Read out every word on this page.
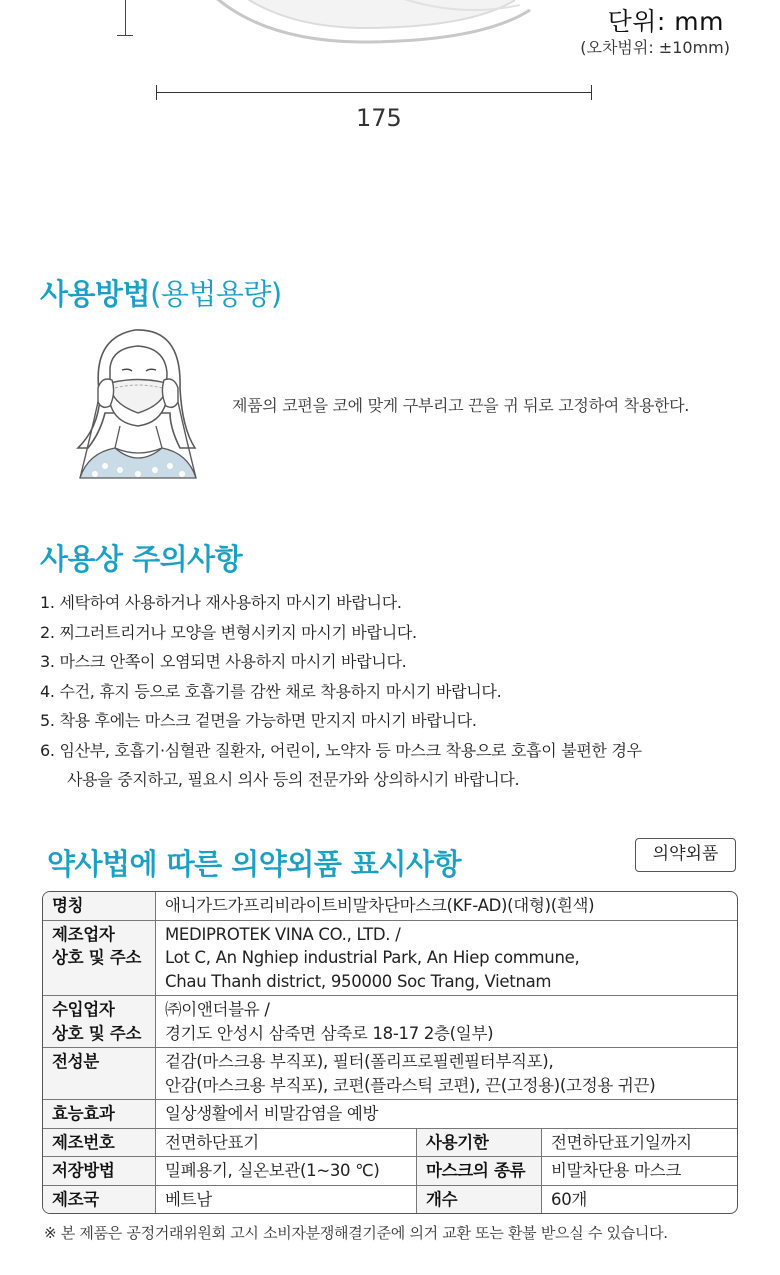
단위: mm
(오차범위: ±10mm)
175
사용방법(용법용량)
제품의 코편을 코에 맞게 구부리고 끈을 귀 뒤로 고정하여 착용한다.
사용상 주의사항
1. 세탁하여 사용하거나 재사용하지 마시기 바랍니다.
2. 찌그러트리거나 모양을 변형시키지 마시기 바랍니다.
3. 마스크 안쪽이 오염되면 사용하지 마시기 바랍니다.
4. 수건, 휴지 등으로 호흡기를 감싼 채로 착용하지 마시기 바랍니다.
5. 착용 후에는 마스크 겉면을 가능하면 만지지 마시기 바랍니다.
6. 임산부, 호흡기·심혈관 질환자, 어린이, 노약자 등 마스크 착용으로 호흡이 불편한 경우
사용을 중지하고, 필요시 의사 등의 전문가와 상의하시기 바랍니다.
약사법에 따른 의약외품 표시사항	의약외품
명칭	애니가드가프리비라이트비말차단마스크(KF-AD)(대형)(흰색)		

제조업자
상호 및 주소	MEDIPROTEK VINA CO., LTD. /
Lot C, An Nghiep industrial Park, An Hiep commune,
Chau Thanh district, 950000 Soc Trang, Vietnam		

수입업자
상호 및 주소	㈜이앤더블유 /
경기도 안성시 삼죽면 삼죽로 18-17 2층(일부)		

전성분	겉감(마스크용 부직포), 필터(폴리프로필렌필터부직포),
안감(마스크용 부직포), 코편(플라스틱 코편), 끈(고정용)(고정용 귀끈)		

효능효과	일상생활에서 비말감염을 예방		
제조번호	전면하단표기	사용기한	전면하단표기일까지
저장방법	밀폐용기, 실온보관(1~30 ℃)	마스크의 종류	비말차단용 마스크
제조국	베트남	개수	60개
※ 본 제품은 공정거래위원회 고시 소비자분쟁해결기준에 의거 교환 또는 환불 받으실 수 있습니다.
